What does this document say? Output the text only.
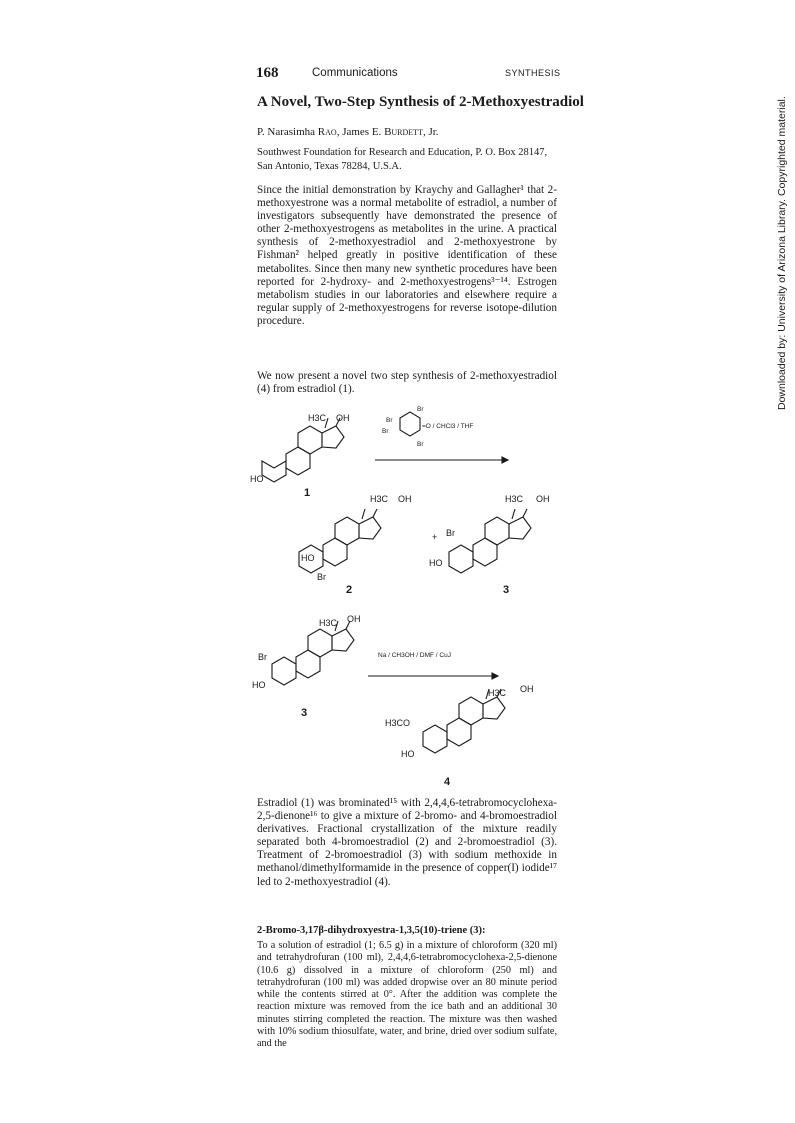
168	Communications	SYNTHESIS
A Novel, Two-Step Synthesis of 2-Methoxyestradiol
P. Narasimha Rao, James E. Burdett, Jr.
Southwest Foundation for Research and Education, P. O. Box 28147, San Antonio, Texas 78284, U.S.A.

Since the initial demonstration by Kraychy and Gallagher¹ that 2-methoxyestrone was a normal metabolite of estradiol, a number of investigators subsequently have demonstrated the presence of other 2-methoxyestrogens as metabolites in the urine. A practical synthesis of 2-methoxyestradiol and 2-methoxyestrone by Fishman² helped greatly in positive identification of these metabolites. Since then many new synthetic procedures have been reported for 2-hydroxy- and 2-methoxyestrogens³⁻¹⁴. Estrogen metabolism studies in our laboratories and elsewhere require a regular supply of 2-methoxyestrogens for reverse isotope-dilution procedure.

We now present a novel two step synthesis of 2-methoxyestradiol (4) from estradiol (1).

H3C OH
HO
1
Br
Br
Br
Br
=O / CHCl3 / THF
H3C OH
HO
Br
2
+
H3C OH
Br
HO
3
H3C OH
Br
HO
3
Na / CH3OH / DMF / CuJ
H3C OH
H3CO
HO
4

Estradiol (1) was brominated¹⁵ with 2,4,4,6-tetrabromocyclohexa-2,5-dienone¹⁶ to give a mixture of 2-bromo- and 4-bromoestradiol derivatives. Fractional crystallization of the mixture readily separated both 4-bromoestradiol (2) and 2-bromoestradiol (3). Treatment of 2-bromoestradiol (3) with sodium methoxide in methanol/dimethylformamide in the presence of copper(I) iodide¹⁷ led to 2-methoxyestradiol (4).

2-Bromo-3,17β-dihydroxyestra-1,3,5(10)-triene (3):

To a solution of estradiol (1; 6.5 g) in a mixture of chloroform (320 ml) and tetrahydrofuran (100 ml), 2,4,4,6-tetrabromocyclohexa-2,5-dienone (10.6 g) dissolved in a mixture of chloroform (250 ml) and tetrahydrofuran (100 ml) was added dropwise over an 80 minute period while the contents stirred at 0°. After the addition was complete the reaction mixture was removed from the ice bath and an additional 30 minutes stirring completed the reaction. The mixture was then washed with 10% sodium thiosulfate, water, and brine, dried over sodium sulfate, and the

Downloaded by: University of Arizona Library. Copyrighted material.
